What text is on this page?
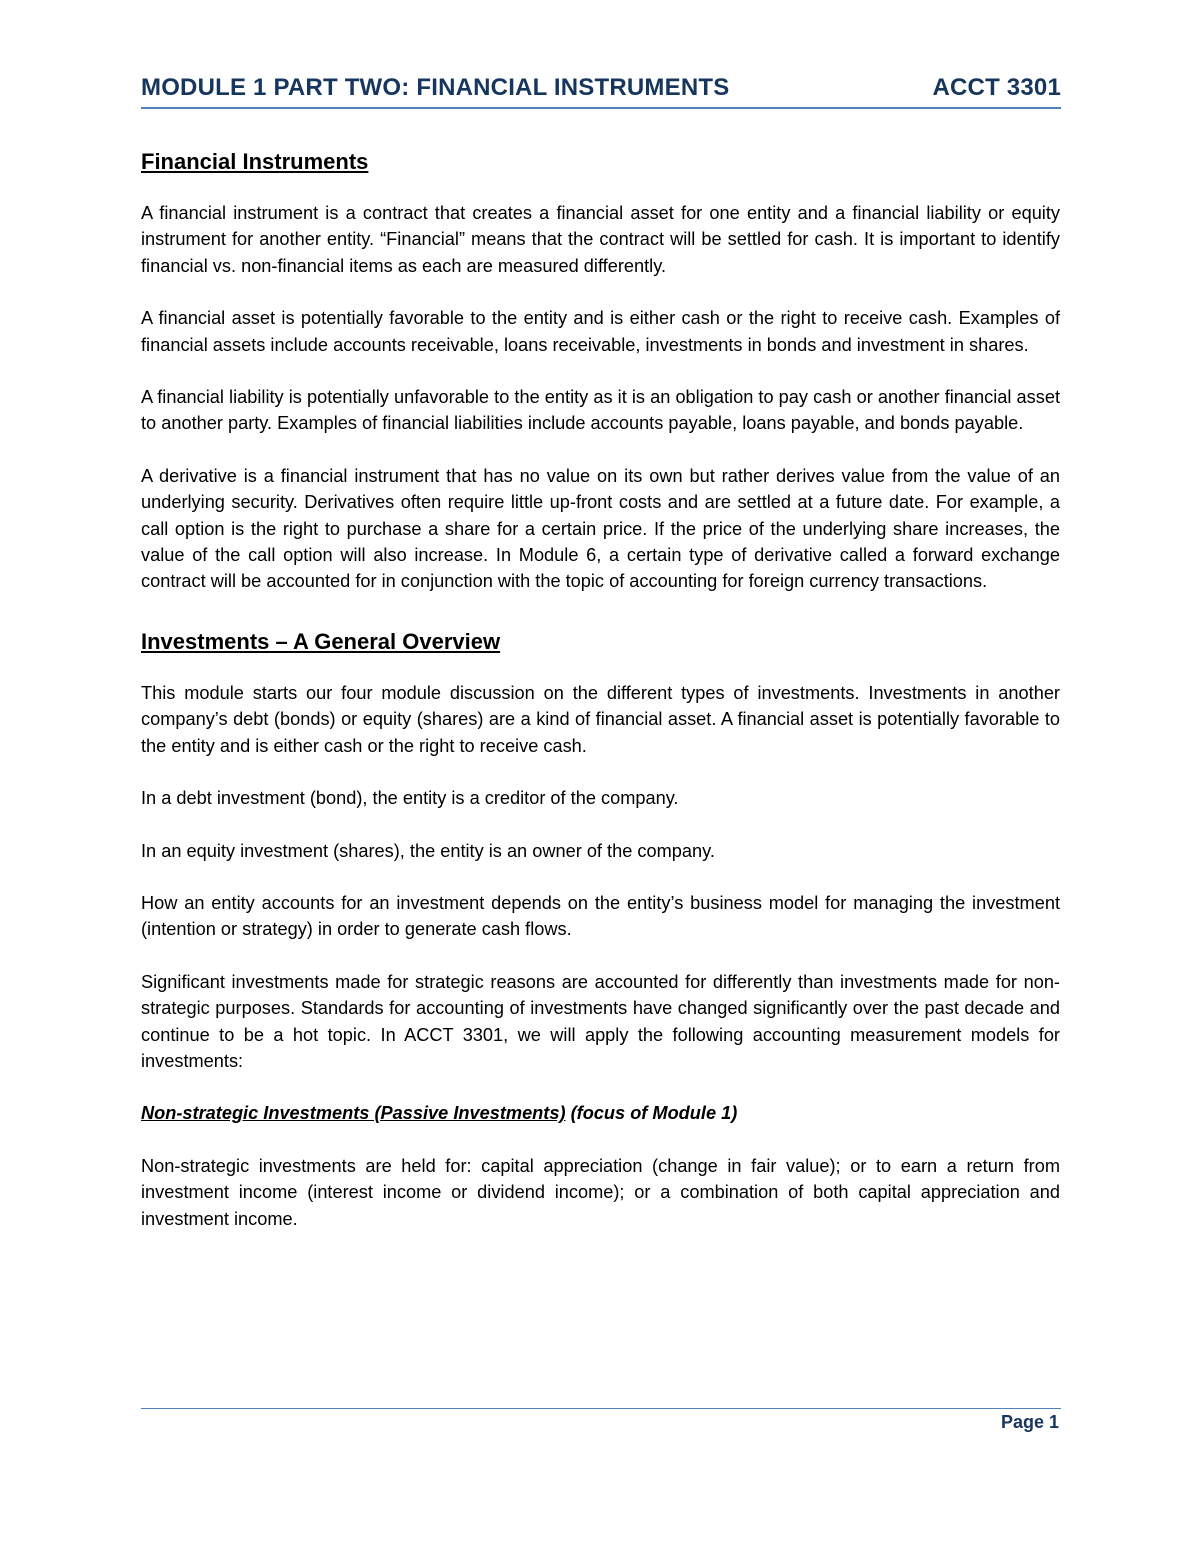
MODULE 1 PART TWO: FINANCIAL INSTRUMENTS	ACCT 3301
Financial Instruments

A financial instrument is a contract that creates a financial asset for one entity and a financial liability or equity instrument for another entity. “Financial” means that the contract will be settled for cash. It is important to identify financial vs. non-financial items as each are measured differently.

A financial asset is potentially favorable to the entity and is either cash or the right to receive cash. Examples of financial assets include accounts receivable, loans receivable, investments in bonds and investment in shares.

A financial liability is potentially unfavorable to the entity as it is an obligation to pay cash or another financial asset to another party. Examples of financial liabilities include accounts payable, loans payable, and bonds payable.

A derivative is a financial instrument that has no value on its own but rather derives value from the value of an underlying security. Derivatives often require little up-front costs and are settled at a future date. For example, a call option is the right to purchase a share for a certain price. If the price of the underlying share increases, the value of the call option will also increase. In Module 6, a certain type of derivative called a forward exchange contract will be accounted for in conjunction with the topic of accounting for foreign currency transactions.

Investments – A General Overview

This module starts our four module discussion on the different types of investments. Investments in another company’s debt (bonds) or equity (shares) are a kind of financial asset. A financial asset is potentially favorable to the entity and is either cash or the right to receive cash.

In a debt investment (bond), the entity is a creditor of the company.

In an equity investment (shares), the entity is an owner of the company.

How an entity accounts for an investment depends on the entity’s business model for managing the investment (intention or strategy) in order to generate cash flows.

Significant investments made for strategic reasons are accounted for differently than investments made for non-strategic purposes. Standards for accounting of investments have changed significantly over the past decade and continue to be a hot topic. In ACCT 3301, we will apply the following accounting measurement models for investments:

Non-strategic Investments (Passive Investments) (focus of Module 1)

Non-strategic investments are held for: capital appreciation (change in fair value); or to earn a return from investment income (interest income or dividend income); or a combination of both capital appreciation and investment income.

Page 1
